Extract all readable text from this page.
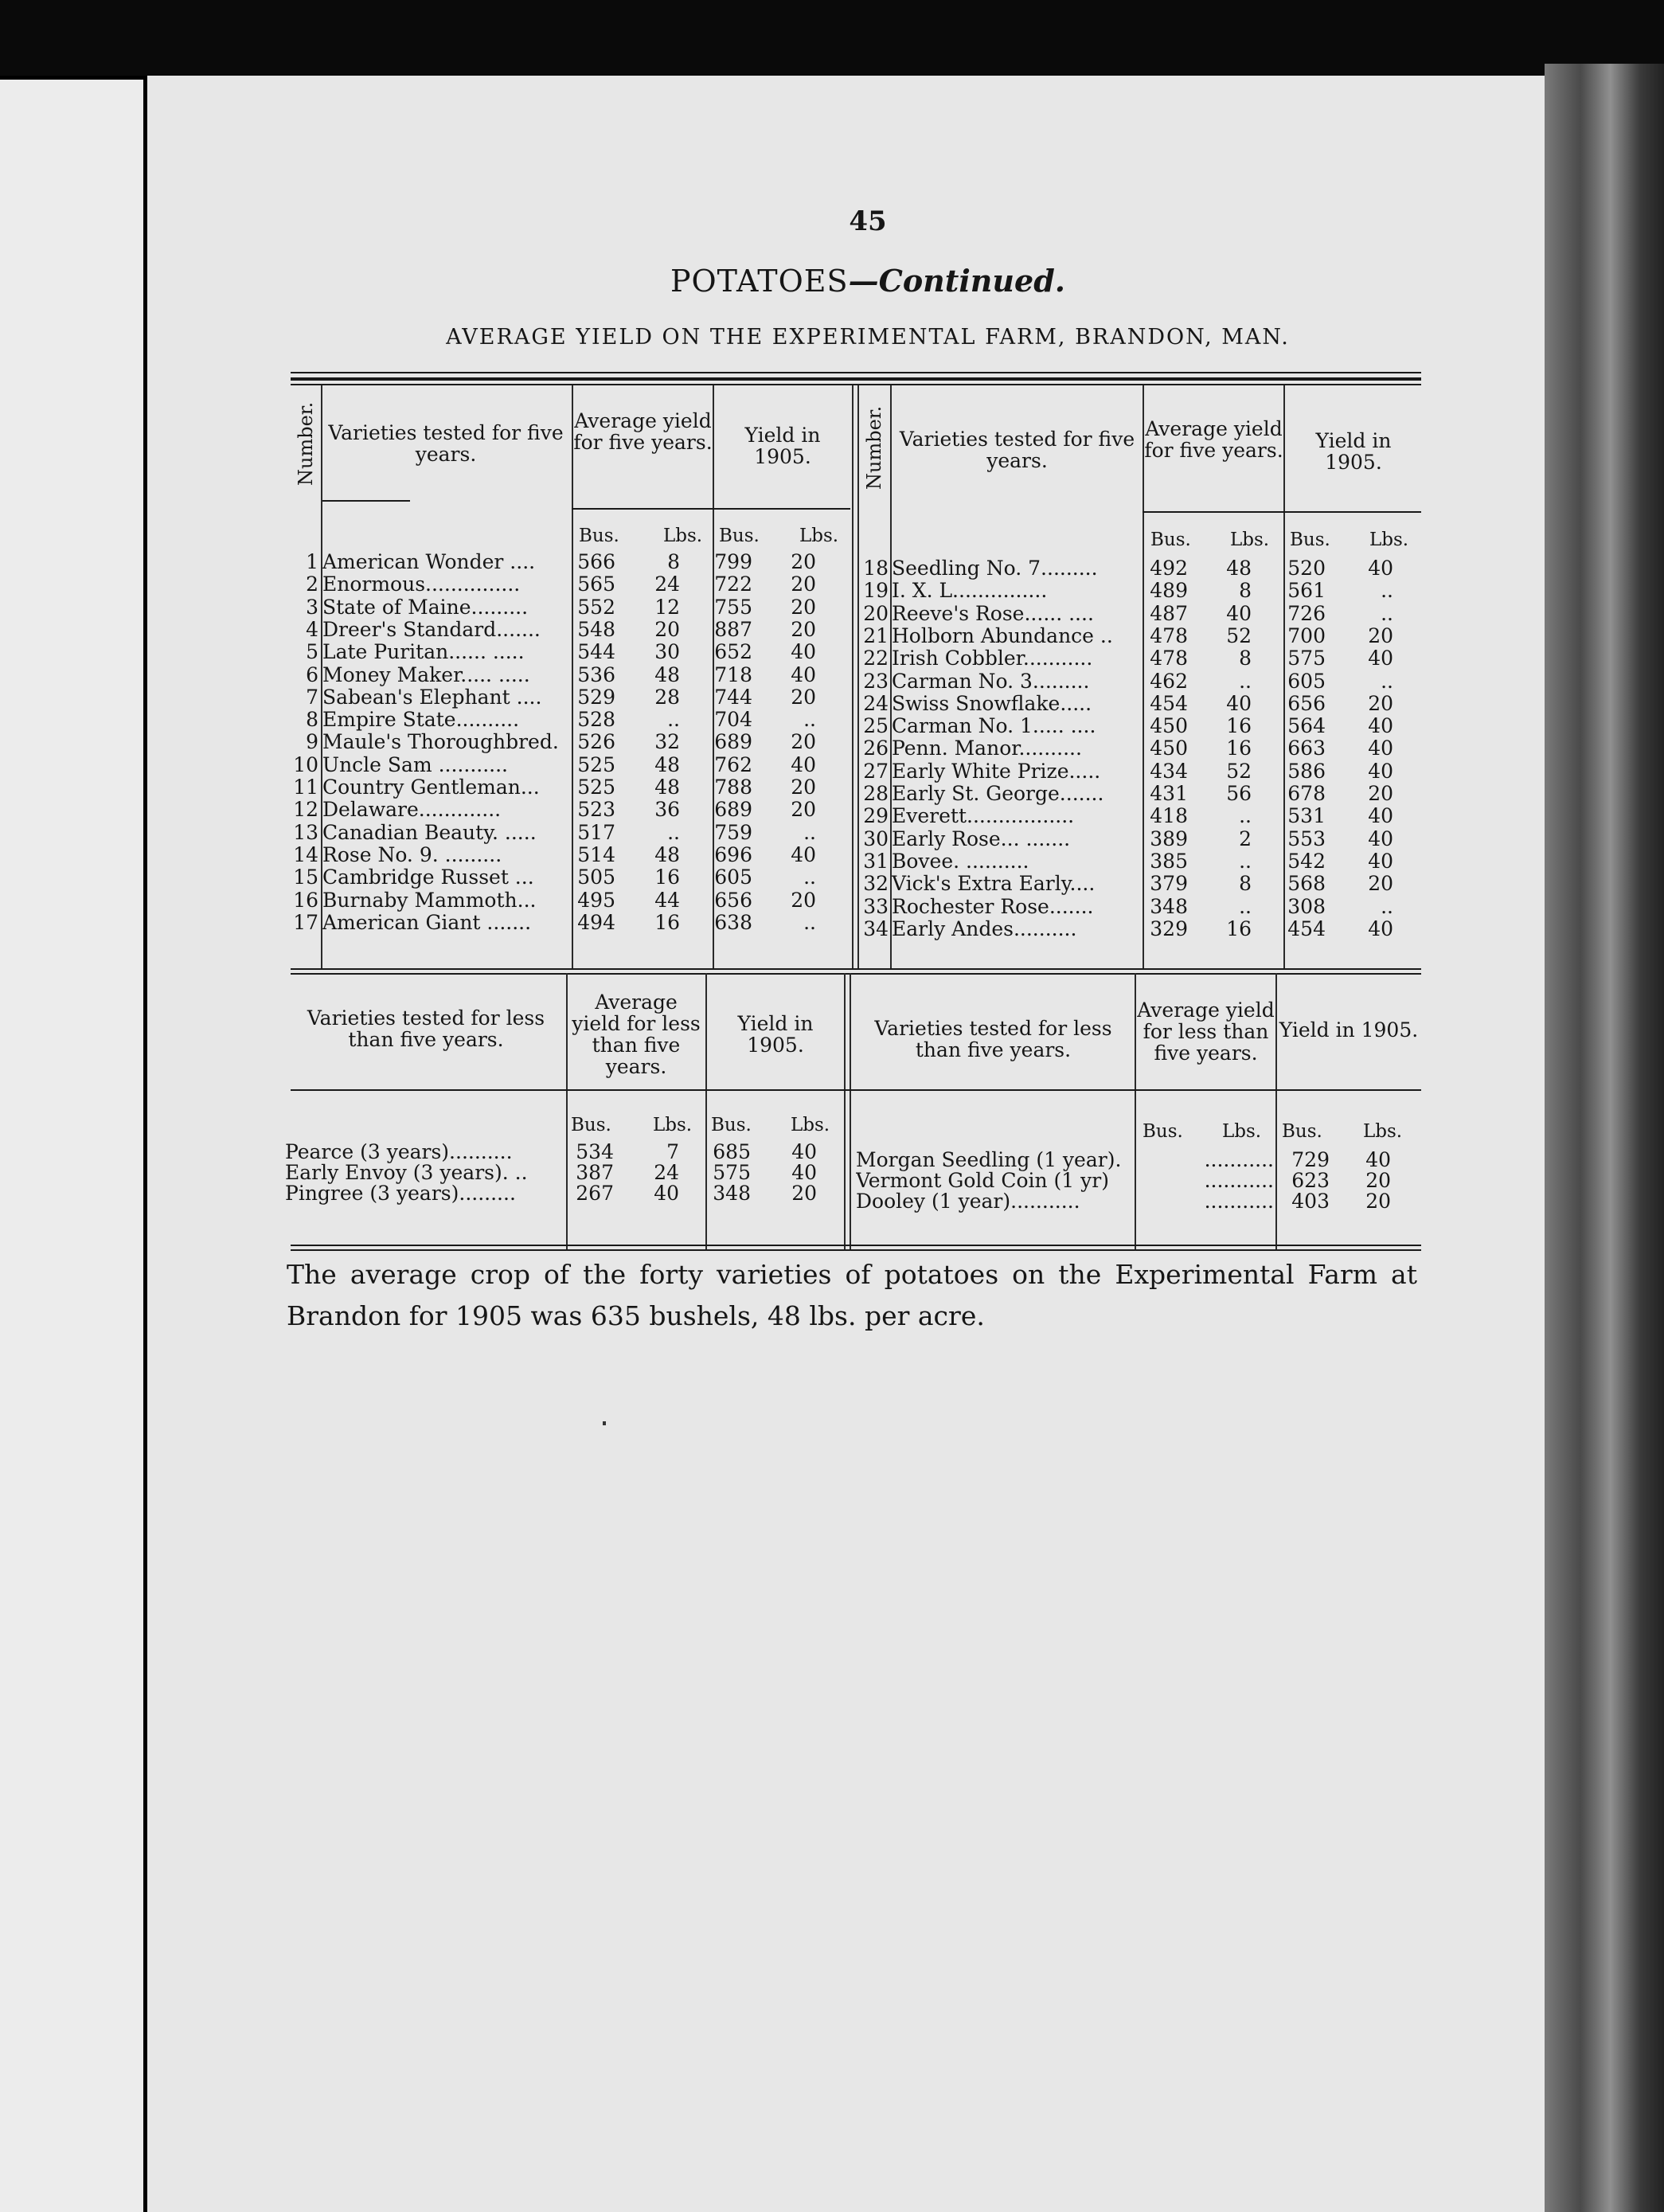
45
POTATOES—Continued.
AVERAGE YIELD ON THE EXPERIMENTAL FARM, BRANDON, MAN.
Number. Varieties tested for five years.
Average yield for five years.	Yield in 1905.	Number. Varieties tested for five years.
Average yield for five years.	Yield in 1905.
Bus. Lbs. Bus. Lbs.	Bus. Lbs. Bus. Lbs.
1 American Wonder ....	566	8 799	20
2 Enormous...............	565	24 722	20
3 State of Maine.........	552	12 755	20
4 Dreer's Standard.......	548	20 887	20
5 Late Puritan...... .....	544	30 652	40
6 Money Maker..... .....	536	48 718	40
7 Sabean's Elephant ....	529	28 744	20
8 Empire State..........	528	.. 704	..
9 Maule's Thoroughbred. 526	32 689	20
10 Uncle Sam ...........	525	48 762	40
11 Country Gentleman...	525	48 788	20
12 Delaware.............	523	36 689	20
13 Canadian Beauty. .....	517	.. 759	..
14 Rose No. 9. .........	514	48 696	40
15 Cambridge Russet ...	505	16 605	..
16 Burnaby Mammoth...	495	44 656	20
17 American Giant .......	494	16 638	..
18 Seedling No. 7.........	492	48 520	40
19 I. X. L...............	489	8 561	..
20 Reeve's Rose...... ....	487	40 726	..
21 Holborn Abundance ..	478	52 700	20
22 Irish Cobbler...........	478	8 575	40
23 Carman No. 3.........	462	.. 605	..
24 Swiss Snowflake.....	454	40 656	20
25 Carman No. 1..... ....	450	16 564	40
26 Penn. Manor..........	450	16 663	40
27 Early White Prize.....	434	52 586	40
28 Early St. George.......	431	56 678	20
29 Everett.................	418	.. 531	40
30 Early Rose... .......	389	2 553	40
31 Bovee. ..........	385	.. 542	40
32 Vick's Extra Early....	379	8 568	20
33 Rochester Rose.......	348	.. 308	..
34 Early Andes..........	329	16 454	40
Varieties tested for less than five years.
Average yield for less than five years.
Yield in 1905.
Varieties tested for less than five years.
Average yield for less than five years.
Yield in 1905.
Bus. Lbs. Bus. Lbs.	Bus. Lbs. Bus. Lbs.
Pearce (3 years)..........	534	7 685	40
Early Envoy (3 years). ..	387	24 575	40
Pingree (3 years).........	267	40 348	20
Morgan Seedling (1 year).	........... 729	40
Vermont Gold Coin (1 yr)	........... 623	20
Dooley (1 year)...........	........... 403	20
The average crop of the forty varieties of potatoes on the Experimental Farm at Brandon for 1905 was 635 bushels, 48 lbs. per acre.
